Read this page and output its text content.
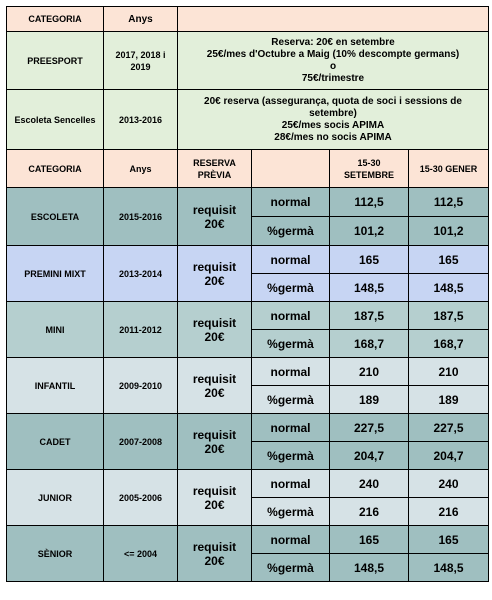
CATEGORIA	Anys				
PREESPORT	2017, 2018 i 2019	Reserva: 20€ en setembre
25€/mes d'Octubre a Maig (10% descompte germans)
o
75€/trimestre			

Escoleta Sencelles	2013-2016	20€ reserva (assegurança, quota de soci i sessions de setembre)
25€/mes socis APIMA
28€/mes no socis APIMA			

CATEGORIA	Anys	RESERVA PRÈVIA		15-30 SETEMBRE	15-30 GENER
ESCOLETA	2015-2016	requisit 20€	normal	112,5	112,5
			%germà	101,2	101,2
PREMINI MIXT	2013-2014	requisit 20€	normal	165	165
			%germà	148,5	148,5
MINI	2011-2012	requisit 20€	normal	187,5	187,5
			%germà	168,7	168,7
INFANTIL	2009-2010	requisit 20€	normal	210	210
			%germà	189	189
CADET	2007-2008	requisit 20€	normal	227,5	227,5
			%germà	204,7	204,7
JUNIOR	2005-2006	requisit 20€	normal	240	240
			%germà	216	216
SÈNIOR	<= 2004	requisit 20€	normal	165	165
			%germà	148,5	148,5
